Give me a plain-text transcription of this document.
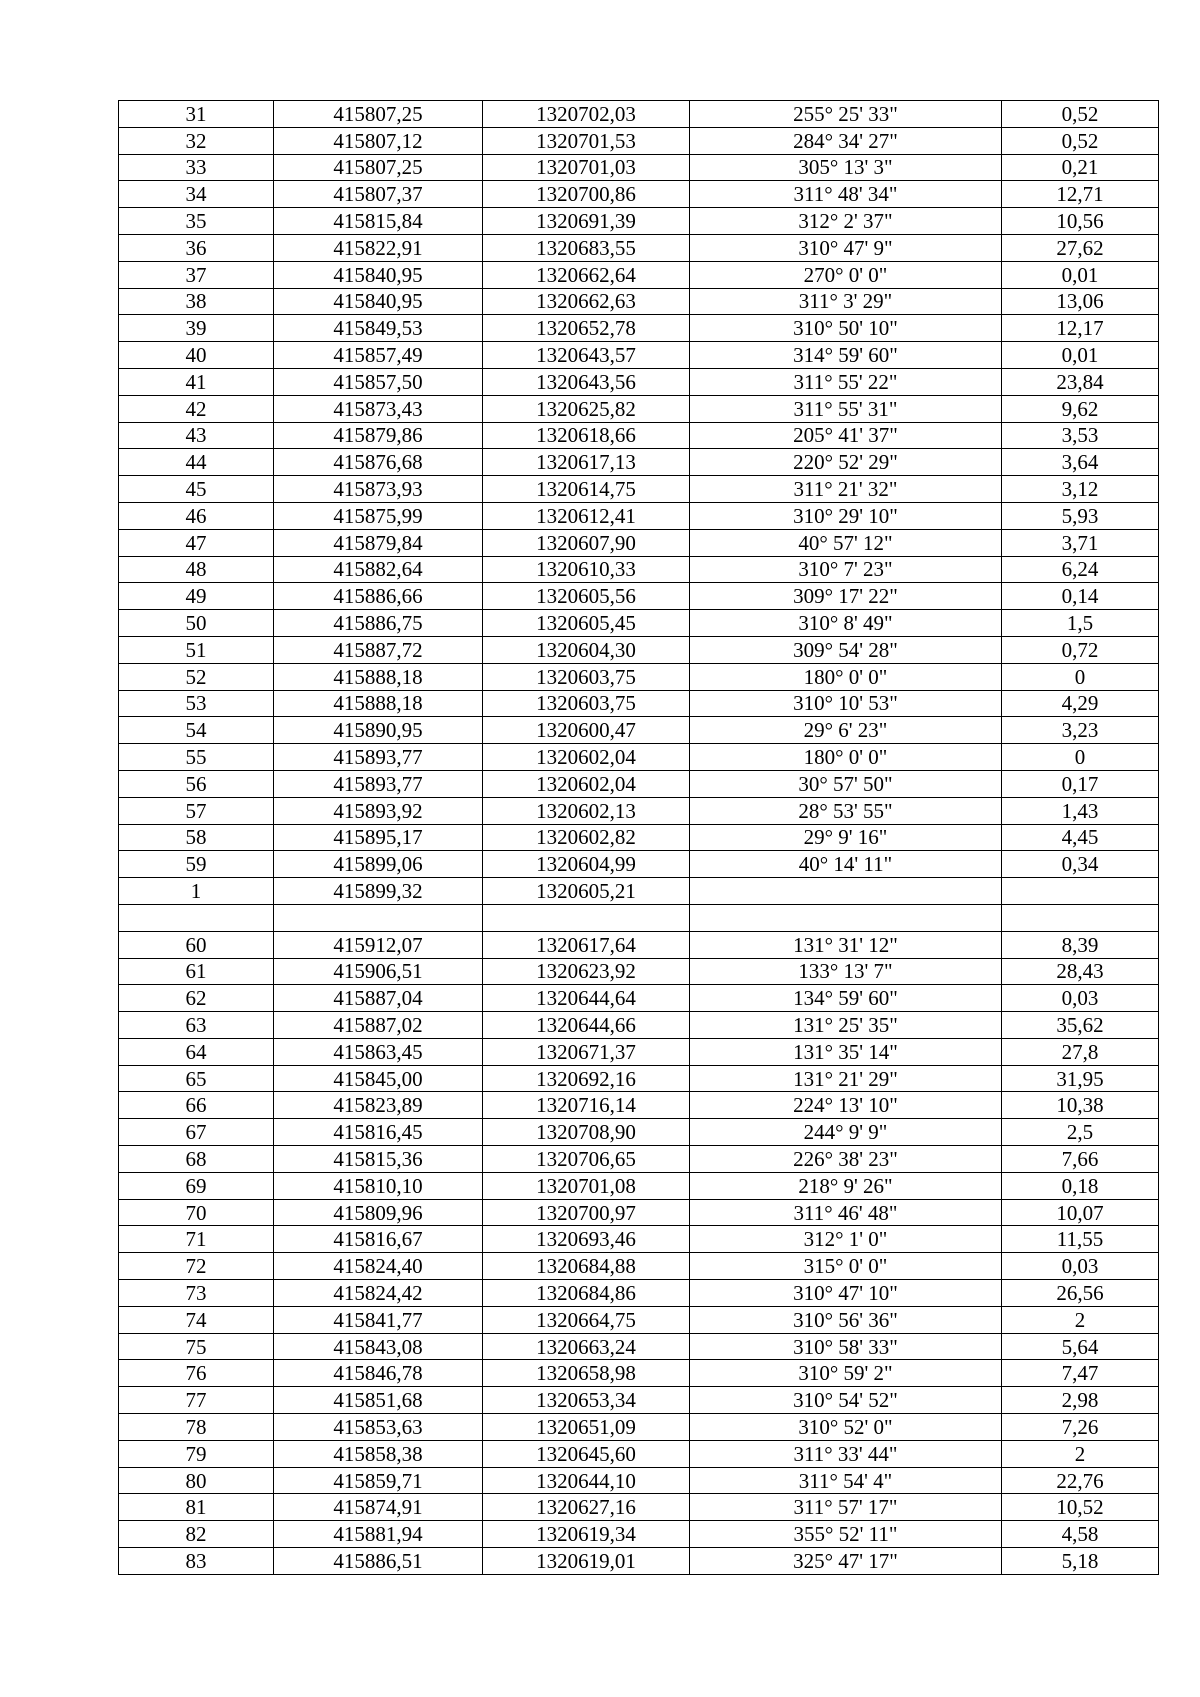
31	415807,25	1320702,03	255° 25' 33"	0,52
32	415807,12	1320701,53	284° 34' 27"	0,52
33	415807,25	1320701,03	305° 13' 3"	0,21
34	415807,37	1320700,86	311° 48' 34"	12,71
35	415815,84	1320691,39	312° 2' 37"	10,56
36	415822,91	1320683,55	310° 47' 9"	27,62
37	415840,95	1320662,64	270° 0' 0"	0,01
38	415840,95	1320662,63	311° 3' 29"	13,06
39	415849,53	1320652,78	310° 50' 10"	12,17
40	415857,49	1320643,57	314° 59' 60"	0,01
41	415857,50	1320643,56	311° 55' 22"	23,84
42	415873,43	1320625,82	311° 55' 31"	9,62
43	415879,86	1320618,66	205° 41' 37"	3,53
44	415876,68	1320617,13	220° 52' 29"	3,64
45	415873,93	1320614,75	311° 21' 32"	3,12
46	415875,99	1320612,41	310° 29' 10"	5,93
47	415879,84	1320607,90	40° 57' 12"	3,71
48	415882,64	1320610,33	310° 7' 23"	6,24
49	415886,66	1320605,56	309° 17' 22"	0,14
50	415886,75	1320605,45	310° 8' 49"	1,5
51	415887,72	1320604,30	309° 54' 28"	0,72
52	415888,18	1320603,75	180° 0' 0"	0
53	415888,18	1320603,75	310° 10' 53"	4,29
54	415890,95	1320600,47	29° 6' 23"	3,23
55	415893,77	1320602,04	180° 0' 0"	0
56	415893,77	1320602,04	30° 57' 50"	0,17
57	415893,92	1320602,13	28° 53' 55"	1,43
58	415895,17	1320602,82	29° 9' 16"	4,45
59	415899,06	1320604,99	40° 14' 11"	0,34
1	415899,32	1320605,21		

60	415912,07	1320617,64	131° 31' 12"	8,39
61	415906,51	1320623,92	133° 13' 7"	28,43
62	415887,04	1320644,64	134° 59' 60"	0,03
63	415887,02	1320644,66	131° 25' 35"	35,62
64	415863,45	1320671,37	131° 35' 14"	27,8
65	415845,00	1320692,16	131° 21' 29"	31,95
66	415823,89	1320716,14	224° 13' 10"	10,38
67	415816,45	1320708,90	244° 9' 9"	2,5
68	415815,36	1320706,65	226° 38' 23"	7,66
69	415810,10	1320701,08	218° 9' 26"	0,18
70	415809,96	1320700,97	311° 46' 48"	10,07
71	415816,67	1320693,46	312° 1' 0"	11,55
72	415824,40	1320684,88	315° 0' 0"	0,03
73	415824,42	1320684,86	310° 47' 10"	26,56
74	415841,77	1320664,75	310° 56' 36"	2
75	415843,08	1320663,24	310° 58' 33"	5,64
76	415846,78	1320658,98	310° 59' 2"	7,47
77	415851,68	1320653,34	310° 54' 52"	2,98
78	415853,63	1320651,09	310° 52' 0"	7,26
79	415858,38	1320645,60	311° 33' 44"	2
80	415859,71	1320644,10	311° 54' 4"	22,76
81	415874,91	1320627,16	311° 57' 17"	10,52
82	415881,94	1320619,34	355° 52' 11"	4,58
83	415886,51	1320619,01	325° 47' 17"	5,18
